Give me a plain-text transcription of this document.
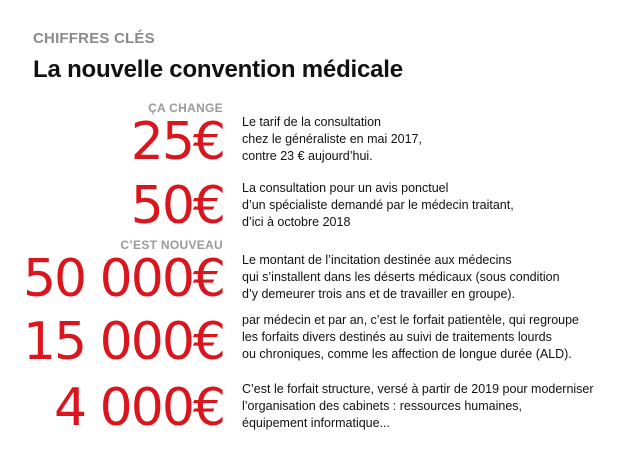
CHIFFRES CLÉS
La nouvelle convention médicale
ÇA CHANGE
25€ Le tarif de la consultation
chez le généraliste en mai 2017,
contre 23 € aujourd’hui.
50€ La consultation pour un avis ponctuel
d’un spécialiste demandé par le médecin traitant,
d’ici à octobre 2018
C’EST NOUVEAU
50 000€ Le montant de l’incitation destinée aux médecins
qui s’installent dans les déserts médicaux (sous condition
d’y demeurer trois ans et de travailler en groupe).
15 000€ par médecin et par an, c’est le forfait patientèle, qui regroupe
les forfaits divers destinés au suivi de traitements lourds
ou chroniques, comme les affection de longue durée (ALD).
4 000€ C’est le forfait structure, versé à partir de 2019 pour moderniser
l’organisation des cabinets : ressources humaines,
équipement informatique...
